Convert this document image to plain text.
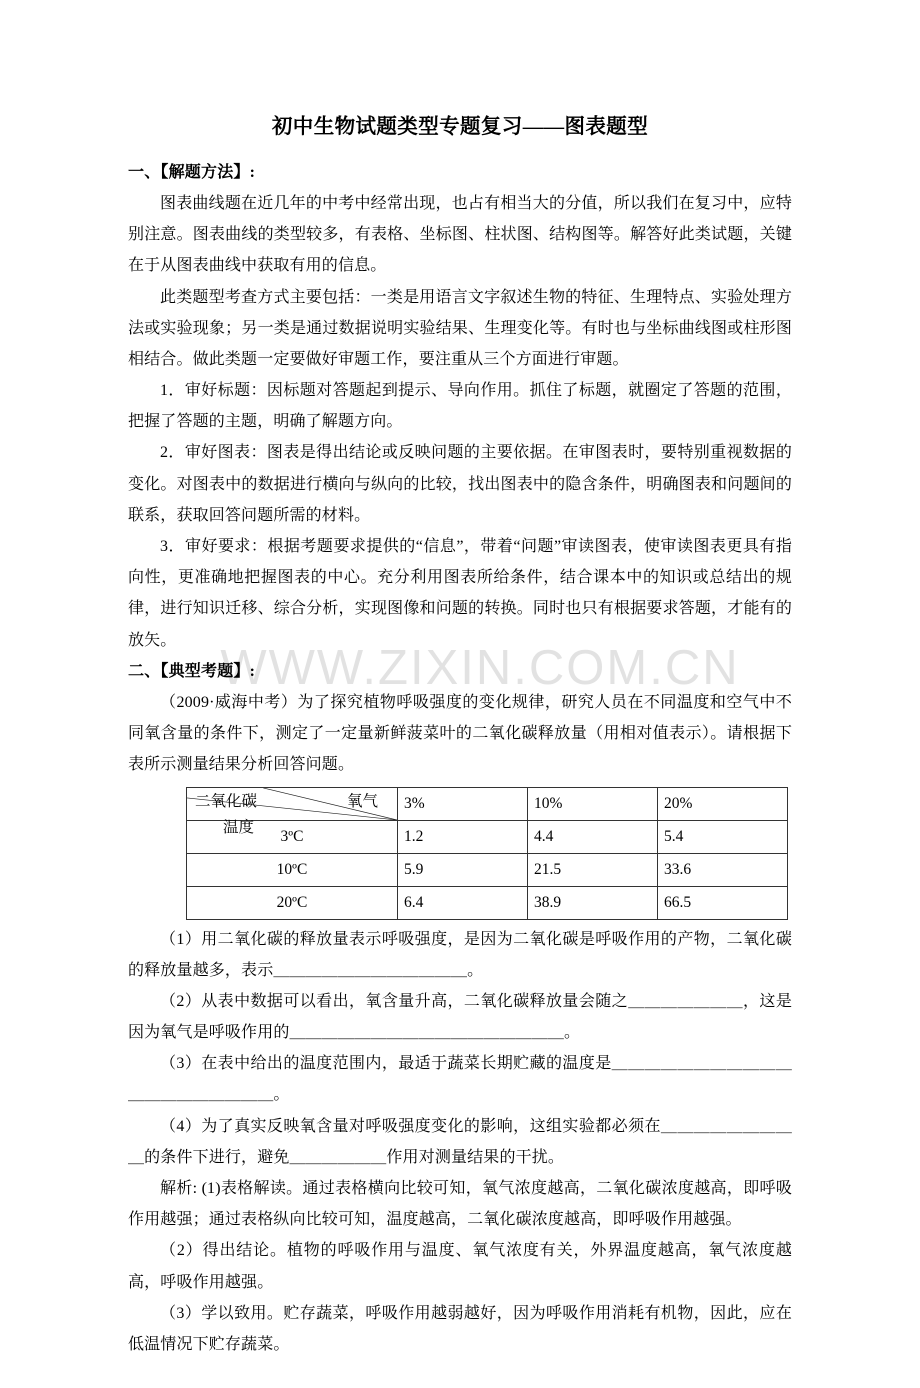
WWW.ZIXIN.COM.CN
初中生物试题类型专题复习——图表题型
一、【解题方法】:

图表曲线题在近几年的中考中经常出现，也占有相当大的分值，所以我们在复习中，应特别注意。图表曲线的类型较多，有表格、坐标图、柱状图、结构图等。解答好此类试题，关键在于从图表曲线中获取有用的信息。

此类题型考查方式主要包括：一类是用语言文字叙述生物的特征、生理特点、实验处理方法或实验现象；另一类是通过数据说明实验结果、生理变化等。有时也与坐标曲线图或柱形图相结合。做此类题一定要做好审题工作，要注重从三个方面进行审题。

1．审好标题：因标题对答题起到提示、导向作用。抓住了标题，就圈定了答题的范围，把握了答题的主题，明确了解题方向。

2．审好图表：图表是得出结论或反映问题的主要依据。在审图表时，要特别重视数据的变化。对图表中的数据进行横向与纵向的比较，找出图表中的隐含条件，明确图表和问题间的联系，获取回答问题所需的材料。

3．审好要求：根据考题要求提供的“信息”，带着“问题”审读图表，使审读图表更具有指向性，更准确地把握图表的中心。充分利用图表所给条件，结合课本中的知识或总结出的规律，进行知识迁移、综合分析，实现图像和问题的转换。同时也只有根据要求答题，才能有的放矢。

二、【典型考题】:

（2009·威海中考）为了探究植物呼吸强度的变化规律，研究人员在不同温度和空气中不同氧含量的条件下，测定了一定量新鲜菠菜叶的二氧化碳释放量（用相对值表示）。请根据下表所示测量结果分析回答问题。

二氧化碳 氧气
温度	3%	10%	20%
3ºC	1.2	4.4	5.4
10ºC	5.9	21.5	33.6
20ºC	6.4	38.9	66.5

（1）用二氧化碳的释放量表示呼吸强度，是因为二氧化碳是呼吸作用的产物，二氧化碳的释放量越多，表示＿＿＿＿＿＿＿＿＿＿＿＿。

（2）从表中数据可以看出，氧含量升高，二氧化碳释放量会随之＿＿＿＿＿＿＿，这是因为氧气是呼吸作用的＿＿＿＿＿＿＿＿＿＿＿＿＿＿＿＿＿。

（3）在表中给出的温度范围内，最适于蔬菜长期贮藏的温度是＿＿＿＿＿＿＿＿＿＿＿＿＿＿＿＿＿＿＿＿。

（4）为了真实反映氧含量对呼吸强度变化的影响，这组实验都必须在＿＿＿＿＿＿＿＿＿的条件下进行，避免＿＿＿＿＿＿作用对测量结果的干扰。

解析: (1)表格解读。通过表格横向比较可知，氧气浓度越高，二氧化碳浓度越高，即呼吸作用越强；通过表格纵向比较可知，温度越高，二氧化碳浓度越高，即呼吸作用越强。

（2）得出结论。植物的呼吸作用与温度、氧气浓度有关，外界温度越高，氧气浓度越高，呼吸作用越强。

（3）学以致用。贮存蔬菜，呼吸作用越弱越好，因为呼吸作用消耗有机物，因此，应在低温情况下贮存蔬菜。
